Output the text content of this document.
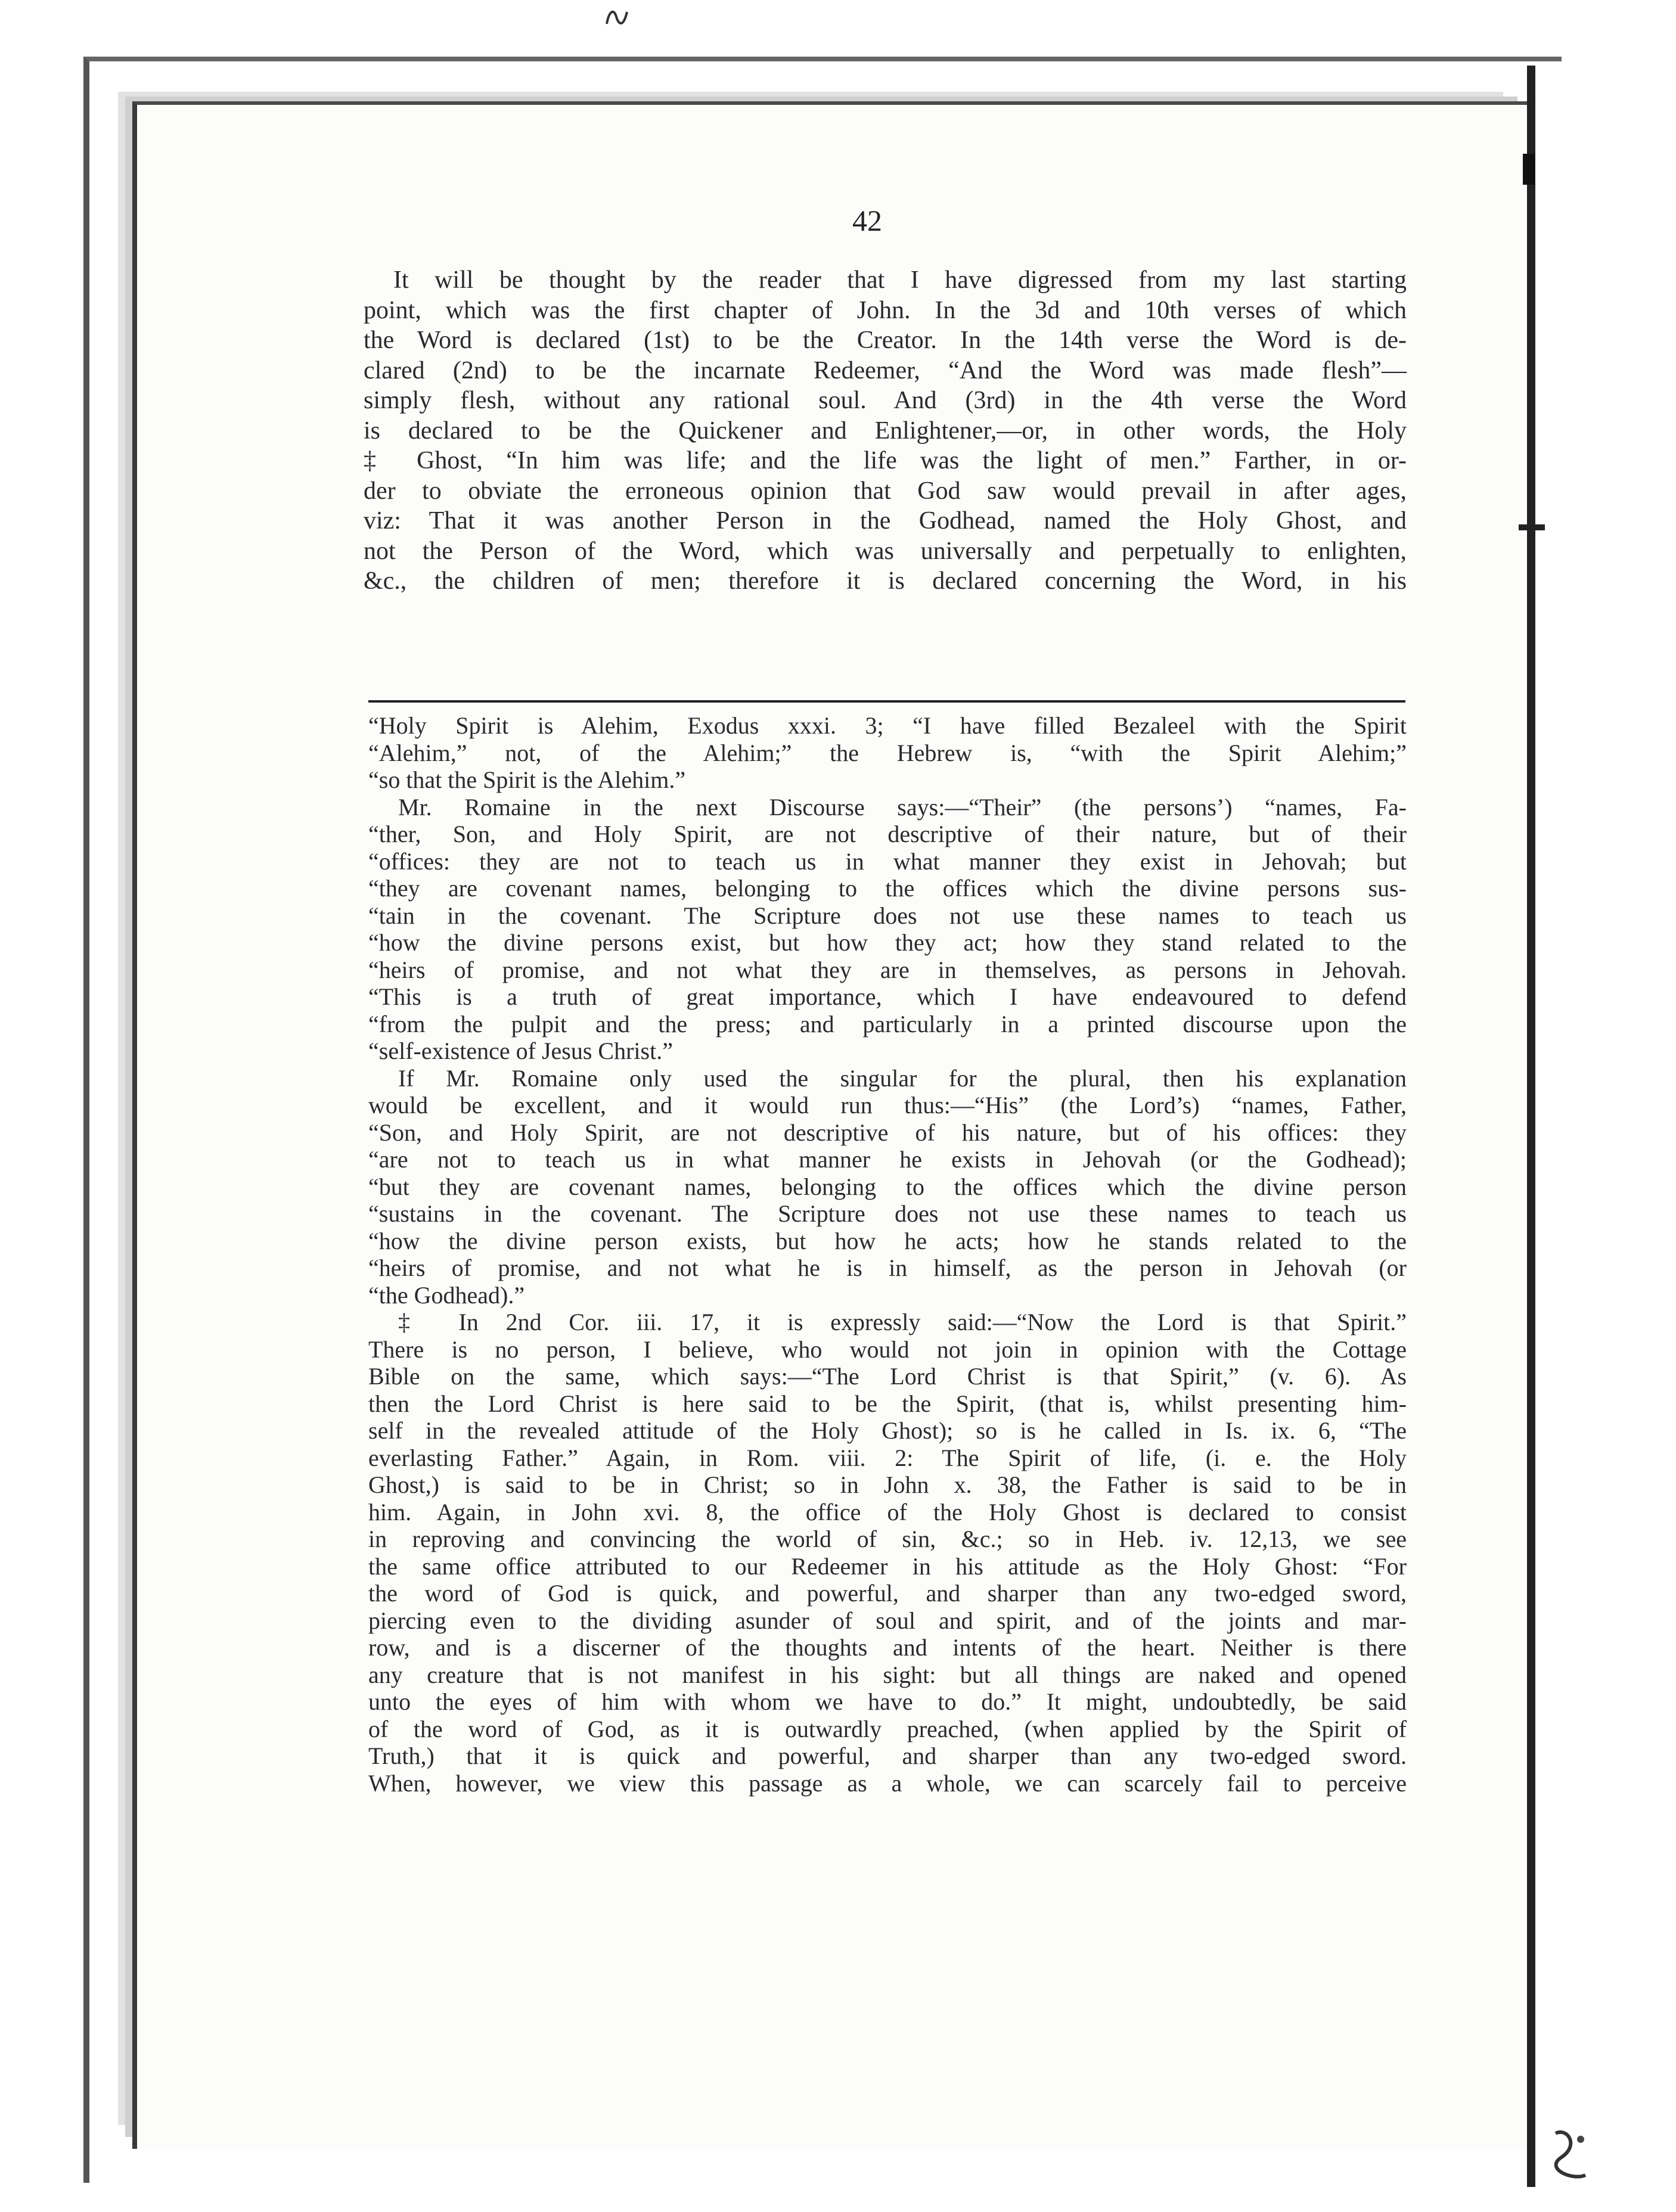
42
It will be thought by the reader that I have digressed from my last starting
point, which was the first chapter of John. In the 3d and 10th verses of which
the Word is declared (1st) to be the Creator. In the 14th verse the Word is de-
clared (2nd) to be the incarnate Redeemer, “And the Word was made flesh”—
simply flesh, without any rational soul. And (3rd) in the 4th verse the Word
is declared to be the Quickener and Enlightener,—or, in other words, the Holy
‡ Ghost, “In him was life; and the life was the light of men.” Farther, in or-
der to obviate the erroneous opinion that God saw would prevail in after ages,
viz: That it was another Person in the Godhead, named the Holy Ghost, and
not the Person of the Word, which was universally and perpetually to enlighten,
&c., the children of men; therefore it is declared concerning the Word, in his
“Holy Spirit is Alehim, Exodus xxxi. 3; “I have filled Bezaleel with the Spirit
“Alehim,” not, of the Alehim;” the Hebrew is, “with the Spirit Alehim;”
“so that the Spirit is the Alehim.”
Mr. Romaine in the next Discourse says:—“Their” (the persons’) “names, Fa-
“ther, Son, and Holy Spirit, are not descriptive of their nature, but of their
“offices: they are not to teach us in what manner they exist in Jehovah; but
“they are covenant names, belonging to the offices which the divine persons sus-
“tain in the covenant. The Scripture does not use these names to teach us
“how the divine persons exist, but how they act; how they stand related to the
“heirs of promise, and not what they are in themselves, as persons in Jehovah.
“This is a truth of great importance, which I have endeavoured to defend
“from the pulpit and the press; and particularly in a printed discourse upon the
“self-existence of Jesus Christ.”
If Mr. Romaine only used the singular for the plural, then his explanation
would be excellent, and it would run thus:—“His” (the Lord’s) “names, Father,
“Son, and Holy Spirit, are not descriptive of his nature, but of his offices: they
“are not to teach us in what manner he exists in Jehovah (or the Godhead);
“but they are covenant names, belonging to the offices which the divine person
“sustains in the covenant. The Scripture does not use these names to teach us
“how the divine person exists, but how he acts; how he stands related to the
“heirs of promise, and not what he is in himself, as the person in Jehovah (or
“the Godhead).”
‡ In 2nd Cor. iii. 17, it is expressly said:—“Now the Lord is that Spirit.”
There is no person, I believe, who would not join in opinion with the Cottage
Bible on the same, which says:—“The Lord Christ is that Spirit,” (v. 6). As
then the Lord Christ is here said to be the Spirit, (that is, whilst presenting him-
self in the revealed attitude of the Holy Ghost); so is he called in Is. ix. 6, “The
everlasting Father.” Again, in Rom. viii. 2: The Spirit of life, (i. e. the Holy
Ghost,) is said to be in Christ; so in John x. 38, the Father is said to be in
him. Again, in John xvi. 8, the office of the Holy Ghost is declared to consist
in reproving and convincing the world of sin, &c.; so in Heb. iv. 12,13, we see
the same office attributed to our Redeemer in his attitude as the Holy Ghost: “For
the word of God is quick, and powerful, and sharper than any two-edged sword,
piercing even to the dividing asunder of soul and spirit, and of the joints and mar-
row, and is a discerner of the thoughts and intents of the heart. Neither is there
any creature that is not manifest in his sight: but all things are naked and opened
unto the eyes of him with whom we have to do.” It might, undoubtedly, be said
of the word of God, as it is outwardly preached, (when applied by the Spirit of
Truth,) that it is quick and powerful, and sharper than any two-edged sword.
When, however, we view this passage as a whole, we can scarcely fail to perceive
